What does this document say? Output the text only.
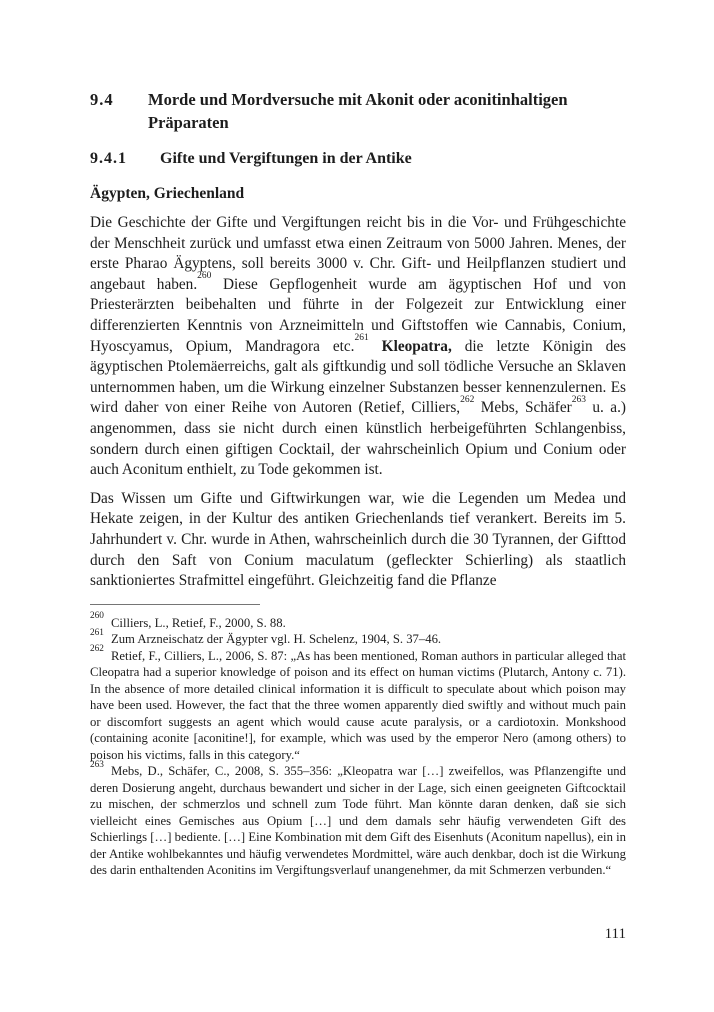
9.4	Morde und Mordversuche mit Akonit oder aconitinhaltigen Präparaten
9.4.1	Gifte und Vergiftungen in der Antike
Ägypten, Griechenland

Die Geschichte der Gifte und Vergiftungen reicht bis in die Vor- und Frühgeschichte der Menschheit zurück und umfasst etwa einen Zeitraum von 5000 Jahren. Menes, der erste Pharao Ägyptens, soll bereits 3000 v. Chr. Gift- und Heilpflanzen studiert und angebaut haben.$^{260}$ Diese Gepflogenheit wurde am ägyptischen Hof und von Priesterärzten beibehalten und führte in der Folgezeit zur Entwicklung einer differenzierten Kenntnis von Arzneimitteln und Giftstoffen wie Cannabis, Conium, Hyoscyamus, Opium, Mandragora etc.$^{261}$ Kleopatra, die letzte Königin des ägyptischen Ptolemäerreichs, galt als giftkundig und soll tödliche Versuche an Sklaven unternommen haben, um die Wirkung einzelner Substanzen besser kennenzulernen. Es wird daher von einer Reihe von Autoren (Retief, Cilliers,$^{262}$ Mebs, Schäfer$^{263}$ u. a.) angenommen, dass sie nicht durch einen künstlich herbeigeführten Schlangenbiss, sondern durch einen giftigen Cocktail, der wahrscheinlich Opium und Conium oder auch Aconitum enthielt, zu Tode gekommen ist.

Das Wissen um Gifte und Giftwirkungen war, wie die Legenden um Medea und Hekate zeigen, in der Kultur des antiken Griechenlands tief verankert. Bereits im 5. Jahrhundert v. Chr. wurde in Athen, wahrscheinlich durch die 30 Tyrannen, der Gifttod durch den Saft von Conium maculatum (gefleckter Schierling) als staatlich sanktioniertes Strafmittel eingeführt. Gleichzeitig fand die Pflanze

$^{260}$ Cilliers, L., Retief, F., 2000, S. 88.
$^{261}$ Zum Arzneischatz der Ägypter vgl. H. Schelenz, 1904, S. 37–46.
$^{262}$ Retief, F., Cilliers, L., 2006, S. 87: „As has been mentioned, Roman authors in particular alleged that Cleopatra had a superior knowledge of poison and its effect on human victims (Plutarch, Antony c. 71). In the absence of more detailed clinical information it is difficult to speculate about which poison may have been used. However, the fact that the three women apparently died swiftly and without much pain or discomfort suggests an agent which would cause acute paralysis, or a cardiotoxin. Monkshood (containing aconite [aconitine!], for example, which was used by the emperor Nero (among others) to poison his victims, falls in this category.“
$^{263}$ Mebs, D., Schäfer, C., 2008, S. 355–356: „Kleopatra war […] zweifellos, was Pflanzengifte und deren Dosierung angeht, durchaus bewandert und sicher in der Lage, sich einen geeigneten Giftcocktail zu mischen, der schmerzlos und schnell zum Tode führt. Man könnte daran denken, daß sie sich vielleicht eines Gemisches aus Opium […] und dem damals sehr häufig verwendeten Gift des Schierlings […] bediente. […] Eine Kombination mit dem Gift des Eisenhuts (Aconitum napellus), ein in der Antike wohlbekanntes und häufig verwendetes Mordmittel, wäre auch denkbar, doch ist die Wirkung des darin enthaltenden Aconitins im Vergiftungsverlauf unangenehmer, da mit Schmerzen verbunden.“
111
